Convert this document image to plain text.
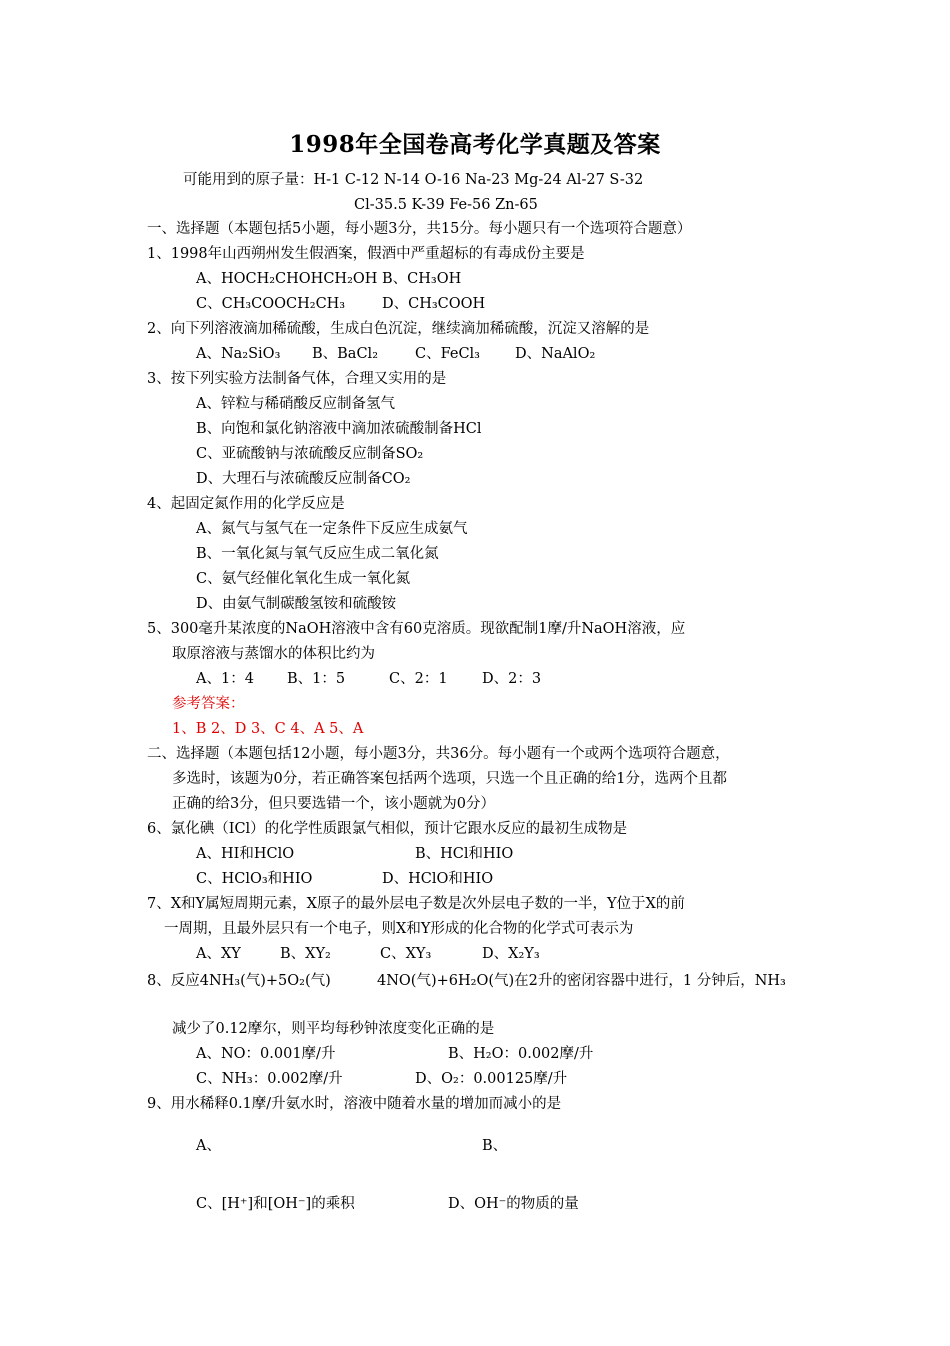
1998年全国卷高考化学真题及答案
可能用到的原子量：H-1 C-12 N-14 O-16 Na-23 Mg-24 Al-27 S-32
Cl-35.5 K-39 Fe-56 Zn-65
一、选择题（本题包括5小题，每小题3分，共15分。每小题只有一个选项符合题意）
1、1998年山西朔州发生假酒案，假酒中严重超标的有毒成份主要是
A、HOCH₂CHOHCH₂OH B、CH₃OH
C、CH₃COOCH₂CH₃	D、CH₃COOH
2、向下列溶液滴加稀硫酸，生成白色沉淀，继续滴加稀硫酸，沉淀又溶解的是
A、Na₂SiO₃ B、BaCl₂	C、FeCl₃ D、NaAlO₂
3、按下列实验方法制备气体，合理又实用的是
A、锌粒与稀硝酸反应制备氢气
B、向饱和氯化钠溶液中滴加浓硫酸制备HCl
C、亚硫酸钠与浓硫酸反应制备SO₂
D、大理石与浓硫酸反应制备CO₂
4、起固定氮作用的化学反应是
A、氮气与氢气在一定条件下反应生成氨气
B、一氧化氮与氧气反应生成二氧化氮
C、氨气经催化氧化生成一氧化氮
D、由氨气制碳酸氢铵和硫酸铵
5、300毫升某浓度的NaOH溶液中含有60克溶质。现欲配制1摩/升NaOH溶液，应
取原溶液与蒸馏水的体积比约为
A、1：4 B、1：5	C、2：1 D、2：3
参考答案：
1、B 2、D 3、C 4、A 5、A
二、选择题（本题包括12小题，每小题3分，共36分。每小题有一个或两个选项符合题意，
多选时，该题为0分，若正确答案包括两个选项，只选一个且正确的给1分，选两个且都
正确的给3分，但只要选错一个，该小题就为0分）
6、氯化碘（ICl）的化学性质跟氯气相似，预计它跟水反应的最初生成物是
A、HI和HClO	B、HCl和HIO
C、HClO₃和HIO	D、HClO和HIO
7、X和Y属短周期元素，X原子的最外层电子数是次外层电子数的一半，Y位于X的前
一周期，且最外层只有一个电子，则X和Y形成的化合物的化学式可表示为
A、XY	B、XY₂	C、XY₃	D、X₂Y₃
8、反应4NH₃(气)+5O₂(气)	4NO(气)+6H₂O(气)在2升的密闭容器中进行，1 分钟后，NH₃
减少了0.12摩尔，则平均每秒钟浓度变化正确的是
A、NO：0.001摩/升	B、H₂O：0.002摩/升
C、NH₃：0.002摩/升	D、O₂：0.00125摩/升
9、用水稀释0.1摩/升氨水时，溶液中随着水量的增加而减小的是
A、	B、
C、[H⁺]和[OH⁻]的乘积	D、OH⁻的物质的量
